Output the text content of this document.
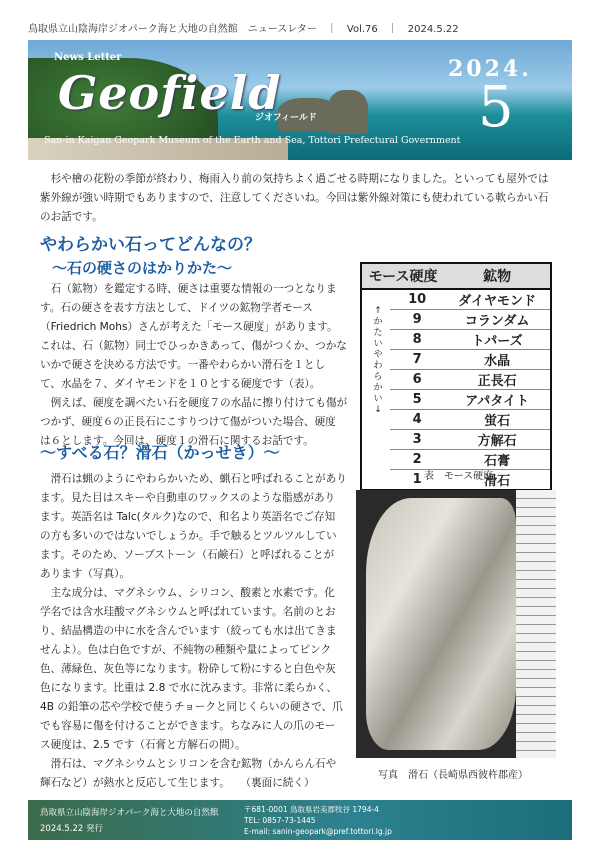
鳥取県立山陰海岸ジオパーク海と大地の自然館　ニュースレター　｜　Vol.76　｜　2024.5.22
News Letter
Geofield
ジオフィールド
San-in Kaigan Geopark Museum of the Earth and Sea, Tottori Prefectural Government
2024.
5
　杉や檜の花粉の季節が終わり、梅雨入り前の気持ちよく過ごせる時期になりました。といっても屋外では
紫外線が強い時期でもありますので、注意してくださいね。今回は紫外線対策にも使われている軟らかい石
のお話です。
やわらかい石ってどんなの？
～石の硬さのはかりかた～
　石（鉱物）を鑑定する時、硬さは重要な情報の一つとなりま
す。石の硬さを表す方法として、ドイツの鉱物学者モース
（Friedrich Mohs）さんが考えた「モース硬度」があります。
これは、石（鉱物）同士でひっかきあって、傷がつくか、つかな
いかで硬さを決める方法です。一番やわらかい滑石を１とし
て、水晶を７、ダイヤモンドを１０とする硬度です（表）。
　例えば、硬度を調べたい石を硬度７の水晶に擦り付けても傷が
つかず、硬度６の正長石にこすりつけて傷がついた場合、硬度
は６とします。今回は、硬度１の滑石に関するお話です。
モース硬度		鉱物
	10	ダイヤモンド
	9	コランダム
	8	トパーズ
	7	水晶
	6	正長石
	5	アパタイト
	4	蛍石
	3	方解石
	2	石膏
	1	滑石
↑ かたい　やわらかい ↓
表　モース硬度
～すべる石？滑石（かっせき）～
　滑石は蝋のようにやわらかいため、蝋石と呼ばれることがあり
ます。見た目はスキーや自動車のワックスのような脂感があり
ます。英語名は Talc(タルク)なので、和名より英語名でご存知
の方も多いのではないでしょうか。手で触るとツルツルしてい
ます。そのため、ソープストーン（石鹸石）と呼ばれることが
あります（写真）。
　主な成分は、マグネシウム、シリコン、酸素と水素です。化
学名では含水珪酸マグネシウムと呼ばれています。名前のとお
り、結晶構造の中に水を含んでいます（絞っても水は出てきま
せんよ）。色は白色ですが、不純物の種類や量によってピンク
色、薄緑色、灰色等になります。粉砕して粉にすると白色や灰
色になります。比重は 2.8 で水に沈みます。非常に柔らかく、
4B の鉛筆の芯や学校で使うチョークと同じくらいの硬さで、爪
でも容易に傷を付けることができます。ちなみに人の爪のモー
ス硬度は、2.5 です（石膏と方解石の間）。
　滑石は、マグネシウムとシリコンを含む鉱物（かんらん石や
輝石など）が熱水と反応して生じます。　　（裏面に続く）
写真　滑石（長崎県西彼杵郡産）
鳥取県立山陰海岸ジオパーク海と大地の自然館
2024.5.22 発行
〒681-0001 鳥取県岩美郡牧谷 1794-4
TEL: 0857-73-1445
E-mail: sanin-geopark@pref.tottori.lg.jp
